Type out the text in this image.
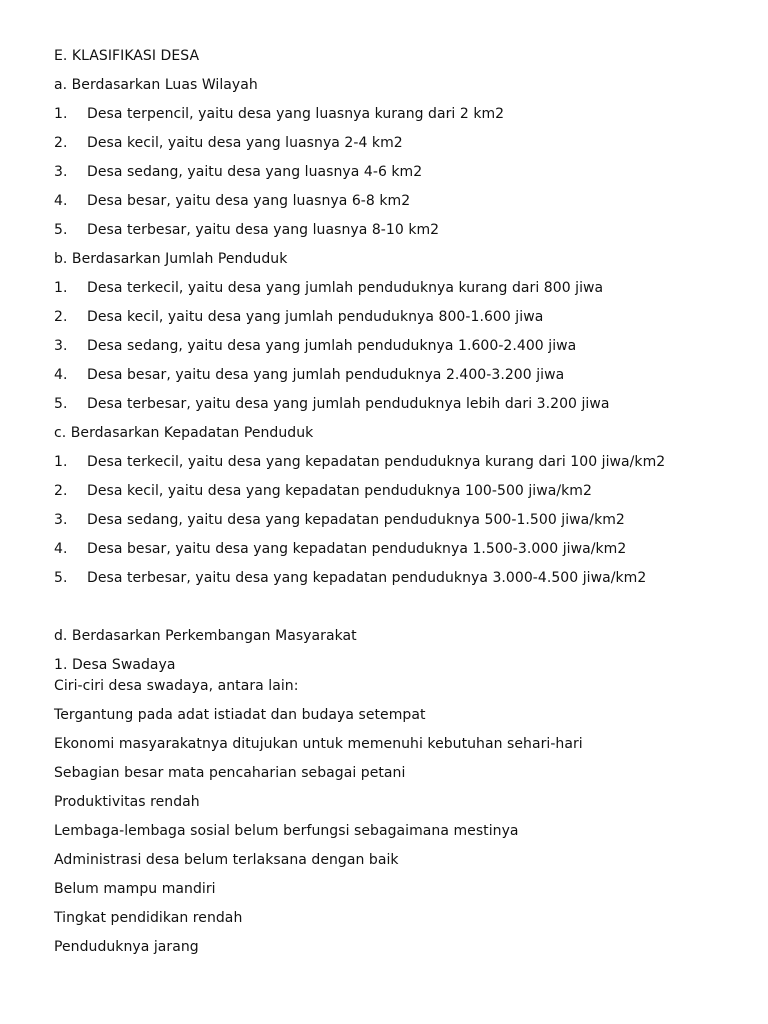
E. KLASIFIKASI DESA
a. Berdasarkan Luas Wilayah
1. Desa terpencil, yaitu desa yang luasnya kurang dari 2 km2
2. Desa kecil, yaitu desa yang luasnya 2-4 km2
3. Desa sedang, yaitu desa yang luasnya 4-6 km2
4. Desa besar, yaitu desa yang luasnya 6-8 km2
5. Desa terbesar, yaitu desa yang luasnya 8-10 km2
b. Berdasarkan Jumlah Penduduk
1. Desa terkecil, yaitu desa yang jumlah penduduknya kurang dari 800 jiwa
2. Desa kecil, yaitu desa yang jumlah penduduknya 800-1.600 jiwa
3. Desa sedang, yaitu desa yang jumlah penduduknya 1.600-2.400 jiwa
4. Desa besar, yaitu desa yang jumlah penduduknya 2.400-3.200 jiwa
5. Desa terbesar, yaitu desa yang jumlah penduduknya lebih dari 3.200 jiwa
c. Berdasarkan Kepadatan Penduduk
1. Desa terkecil, yaitu desa yang kepadatan penduduknya kurang dari 100 jiwa/km2
2. Desa kecil, yaitu desa yang kepadatan penduduknya 100-500 jiwa/km2
3. Desa sedang, yaitu desa yang kepadatan penduduknya 500-1.500 jiwa/km2
4. Desa besar, yaitu desa yang kepadatan penduduknya 1.500-3.000 jiwa/km2
5. Desa terbesar, yaitu desa yang kepadatan penduduknya 3.000-4.500 jiwa/km2
d. Berdasarkan Perkembangan Masyarakat
1. Desa Swadaya
Ciri-ciri desa swadaya, antara lain:
Tergantung pada adat istiadat dan budaya setempat
Ekonomi masyarakatnya ditujukan untuk memenuhi kebutuhan sehari-hari
Sebagian besar mata pencaharian sebagai petani
Produktivitas rendah
Lembaga-lembaga sosial belum berfungsi sebagaimana mestinya
Administrasi desa belum terlaksana dengan baik
Belum mampu mandiri
Tingkat pendidikan rendah
Penduduknya jarang
